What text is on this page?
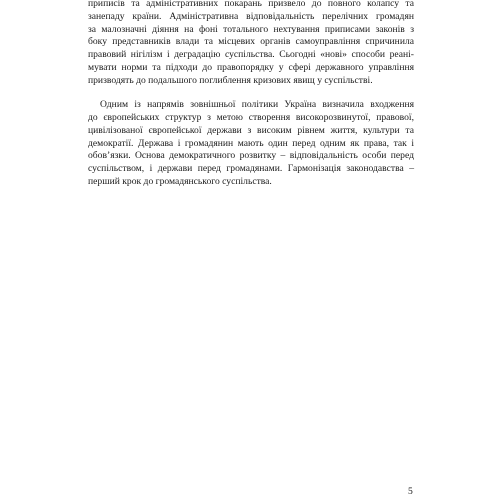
приписів та адміністративних покарань призвело до повного колапсу та
занепаду країни. Адміністративна відповідальність перелічних громадян
за малозначні діяння на фоні тотального нехтування приписами законів з
боку представників влади та місцевих органів самоуправління спричинила
правовий нігілізм і деградацію суспільства. Сьогодні «нові» способи реані-
мувати норми та підходи до правопорядку у сфері державного управління
призводять до подальшого поглиблення кризових явищ у суспільстві.
Одним із напрямів зовнішньої політики Україна визначила входження
до європейських структур з метою створення високорозвинутої, правової,
цивілізованої європейської держави з високим рівнем життя, культури та
демократії. Держава і громадянин мають один перед одним як права, так і
обов’язки. Основа демократичного розвитку – відповідальність особи перед
суспільством, і держави перед громадянами. Гармонізація законодавства –
перший крок до громадянського суспільства.
5
